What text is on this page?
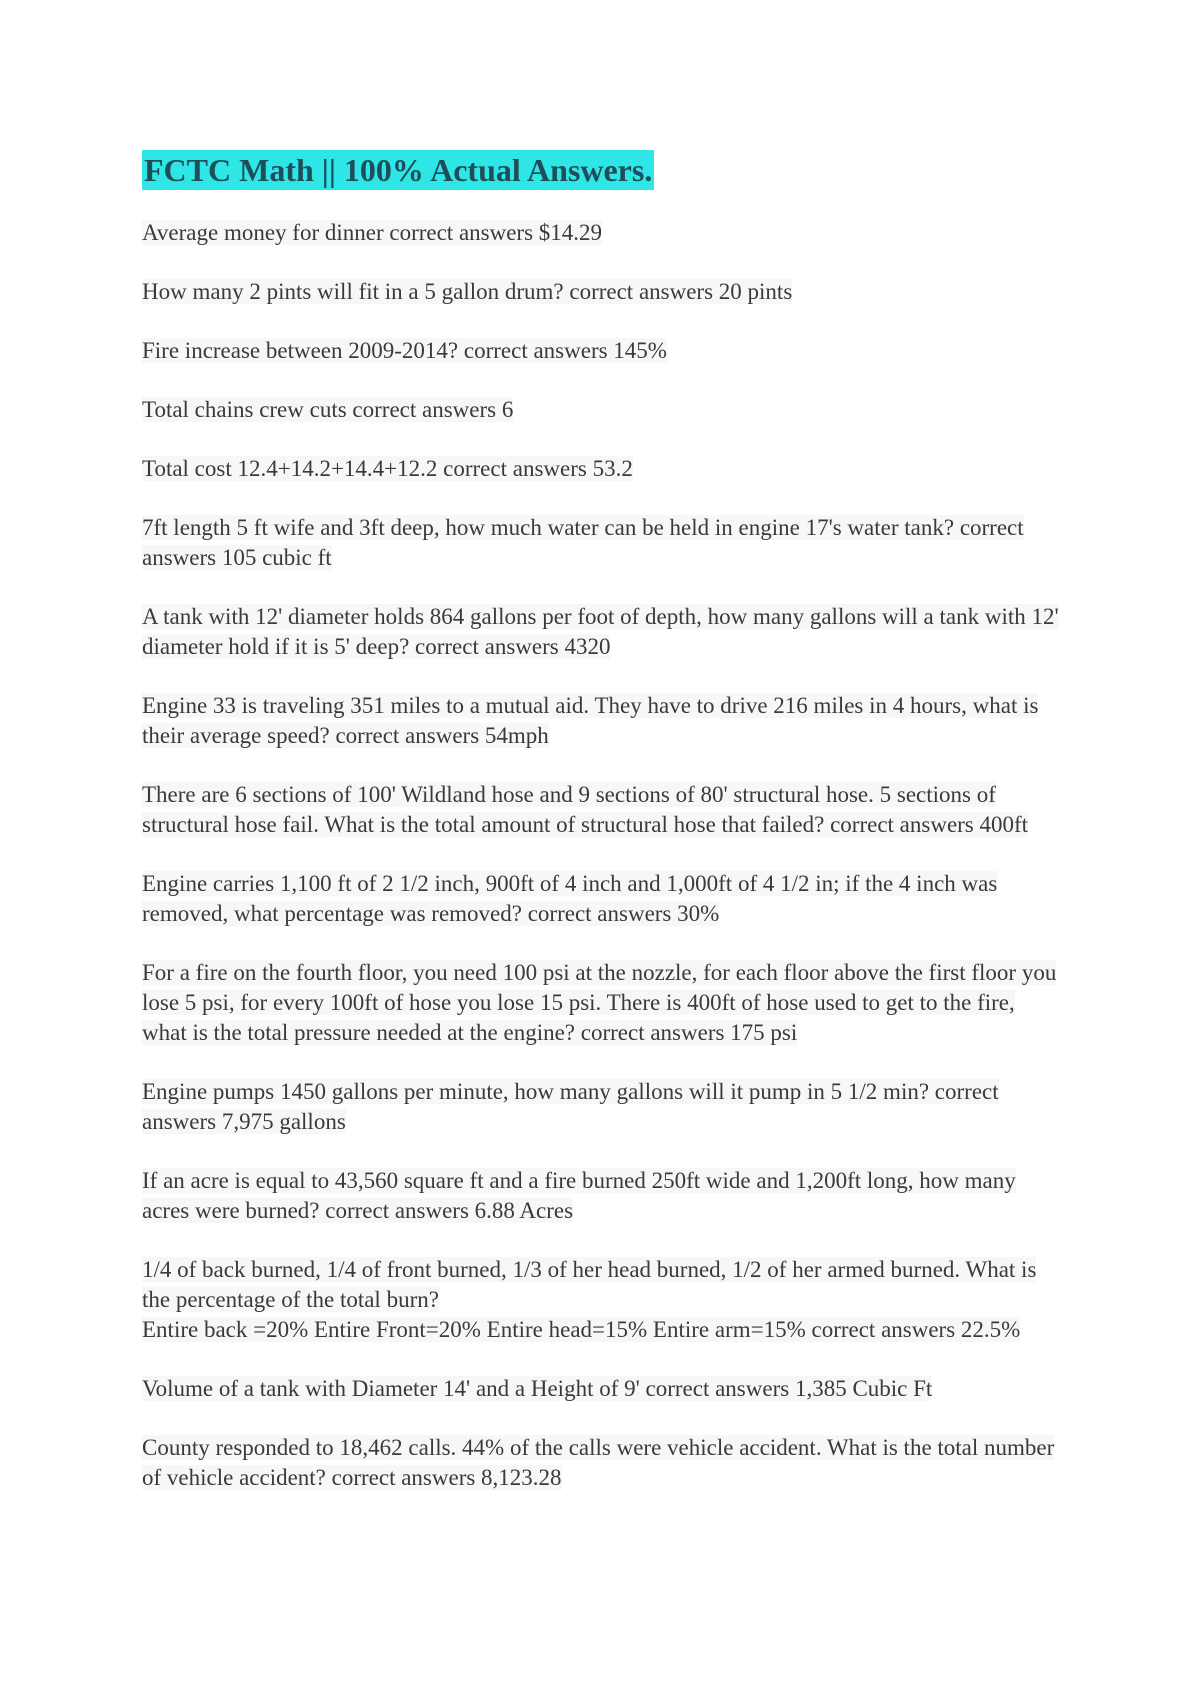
FCTC Math || 100% Actual Answers.

Average money for dinner correct answers $14.29

How many 2 pints will fit in a 5 gallon drum? correct answers 20 pints

Fire increase between 2009-2014? correct answers 145%

Total chains crew cuts correct answers 6

Total cost 12.4+14.2+14.4+12.2 correct answers 53.2

7ft length 5 ft wife and 3ft deep, how much water can be held in engine 17's water tank? correct answers 105 cubic ft

A tank with 12' diameter holds 864 gallons per foot of depth, how many gallons will a tank with 12' diameter hold if it is 5' deep? correct answers 4320

Engine 33 is traveling 351 miles to a mutual aid. They have to drive 216 miles in 4 hours, what is their average speed? correct answers 54mph

There are 6 sections of 100' Wildland hose and 9 sections of 80' structural hose. 5 sections of structural hose fail. What is the total amount of structural hose that failed? correct answers 400ft

Engine carries 1,100 ft of 2 1/2 inch, 900ft of 4 inch and 1,000ft of 4 1/2 in; if the 4 inch was removed, what percentage was removed? correct answers 30%

For a fire on the fourth floor, you need 100 psi at the nozzle, for each floor above the first floor you lose 5 psi, for every 100ft of hose you lose 15 psi. There is 400ft of hose used to get to the fire, what is the total pressure needed at the engine? correct answers 175 psi

Engine pumps 1450 gallons per minute, how many gallons will it pump in 5 1/2 min? correct answers 7,975 gallons

If an acre is equal to 43,560 square ft and a fire burned 250ft wide and 1,200ft long, how many acres were burned? correct answers 6.88 Acres

1/4 of back burned, 1/4 of front burned, 1/3 of her head burned, 1/2 of her armed burned. What is the percentage of the total burn?
Entire back =20% Entire Front=20% Entire head=15% Entire arm=15% correct answers 22.5%

Volume of a tank with Diameter 14' and a Height of 9' correct answers 1,385 Cubic Ft

County responded to 18,462 calls. 44% of the calls were vehicle accident. What is the total number of vehicle accident? correct answers 8,123.28
